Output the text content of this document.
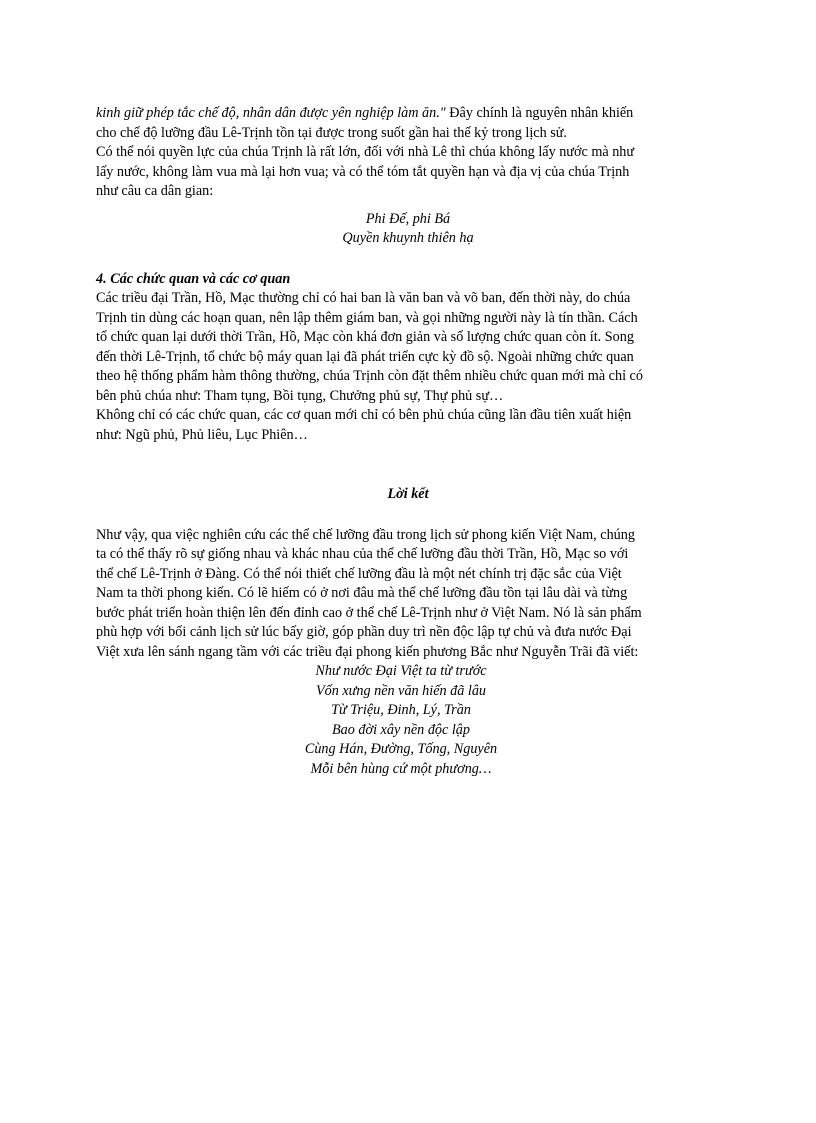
kinh giữ phép tắc chế độ, nhân dân được yên nghiệp làm ăn." Đây chính là nguyên nhân khiến
cho chế độ lưỡng đầu Lê-Trịnh tồn tại được trong suốt gần hai thế kỷ trong lịch sử.
Có thể nói quyền lực của chúa Trịnh là rất lớn, đối với nhà Lê thì chúa không lấy nước mà như
lấy nước, không làm vua mà lại hơn vua; và có thể tóm tắt quyền hạn và địa vị của chúa Trịnh
như câu ca dân gian:
Phi Đế, phi Bá
Quyền khuynh thiên hạ

4. Các chức quan và các cơ quan

Các triều đại Trần, Hồ, Mạc thường chỉ có hai ban là văn ban và võ ban, đến thời này, do chúa
Trịnh tin dùng các hoạn quan, nên lập thêm giám ban, và gọi những người này là tín thần. Cách
tổ chức quan lại dưới thời Trần, Hồ, Mạc còn khá đơn giản và số lượng chức quan còn ít. Song
đến thời Lê-Trịnh, tổ chức bộ máy quan lại đã phát triển cực kỳ đồ sộ. Ngoài những chức quan
theo hệ thống phẩm hàm thông thường, chúa Trịnh còn đặt thêm nhiều chức quan mới mà chỉ có
bên phủ chúa như: Tham tụng, Bồi tụng, Chưởng phủ sự, Thự phủ sự…
Không chỉ có các chức quan, các cơ quan mới chỉ có bên phủ chúa cũng lần đầu tiên xuất hiện
như: Ngũ phủ, Phủ liêu, Lục Phiên…

Lời kết

Như vậy, qua việc nghiên cứu các thể chế lưỡng đầu trong lịch sử phong kiến Việt Nam, chúng
ta có thể thấy rõ sự giống nhau và khác nhau của thể chế lưỡng đầu thời Trần, Hồ, Mạc so với
thể chế Lê-Trịnh ở Đàng. Có thể nói thiết chế lưỡng đầu là một nét chính trị đặc sắc của Việt
Nam ta thời phong kiến. Có lẽ hiếm có ở nơi đâu mà thể chế lưỡng đầu tồn tại lâu dài và từng
bước phát triển hoàn thiện lên đến đỉnh cao ở thể chế Lê-Trịnh như ở Việt Nam. Nó là sản phẩm
phù hợp với bối cảnh lịch sử lúc bấy giờ, góp phần duy trì nền độc lập tự chủ và đưa nước Đại
Việt xưa lên sánh ngang tầm với các triều đại phong kiến phương Bắc như Nguyễn Trãi đã viết:
Như nước Đại Việt ta từ trước
Vốn xưng nền văn hiến đã lâu
Từ Triệu, Đinh, Lý, Trần
Bao đời xây nền độc lập
Cùng Hán, Đường, Tống, Nguyên
Mỗi bên hùng cứ một phương…
